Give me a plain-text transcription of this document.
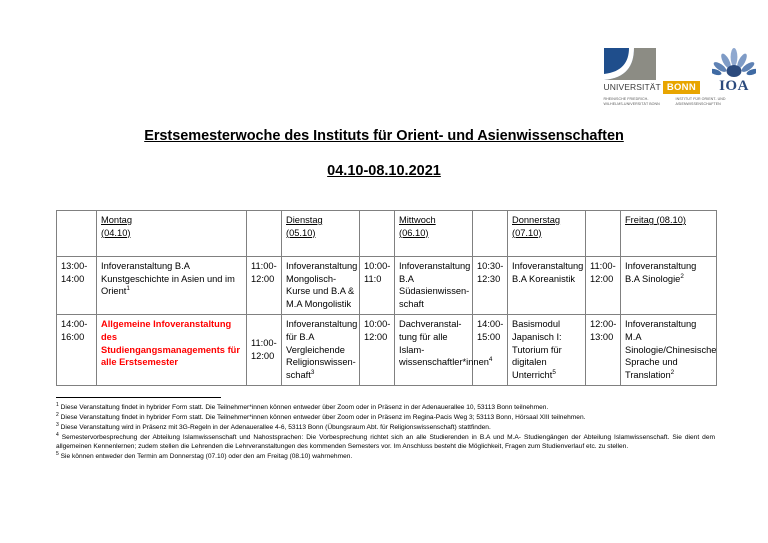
UNIVERSITÄT BONN IOA
RHEINISCHE FRIEDRICH-WILHELMS-UNIVERSITÄT BONN
INSTITUT FÜR ORIENT- UND ASIENWISSENSCHAFTEN
Erstsemesterwoche des Instituts für Orient- und Asienwissenschaften
04.10-08.10.2021

	Montag
(04.10)		Dienstag
(05.10)		Mittwoch
(06.10)		Donnerstag
(07.10)		Freitag (08.10)

13:00-
14:00	Infoveranstaltung B.A Kunstgeschichte in Asien und im Orient$^1$	11:00-
12:00	Infoveranstaltung Mongolisch-Kurse und B.A & M.A Mongolistik	10:00-
11:0	Infoveranstaltung B.A Südasienwissen-schaft	10:30-
12:30	Infoveranstaltung B.A Koreanistik	11:00-
12:00	Infoveranstaltung B.A Sinologie$^2$
14:00-
16:00	Allgemeine Infoveranstaltung des Studiengangsmanagements für alle Erstsemester	11:00-
12:00	Infoveranstaltung für B.A Vergleichende Religionswissen-schaft$^3$	10:00-
12:00	Dachveranstal-tung für alle Islam-wissenschaftler*innen$^4$	14:00-
15:00	Basismodul Japanisch I: Tutorium für digitalen Unterricht$^5$	12:00-
13:00	Infoveranstaltung M.A Sinologie/Chinesische Sprache und Translation$^2$
$^1$ Diese Veranstaltung findet in hybrider Form statt. Die Teilnehmer*innen können entweder über Zoom oder in Präsenz in der Adenauerallee 10, 53113 Bonn teilnehmen.
$^2$ Diese Veranstaltung findet in hybrider Form statt. Die Teilnehmer*innen können entweder über Zoom oder in Präsenz im Regina-Pacis Weg 3; 53113 Bonn, Hörsaal XIII teilnehmen.
$^3$ Diese Veranstaltung wird in Präsenz mit 3G-Regeln in der Adenauerallee 4-6, 53113 Bonn (Übungsraum Abt. für Religionswissenschaft) stattfinden.
$^4$ Semestervorbesprechung der Abteilung Islamwissenschaft und Nahostsprachen: Die Vorbesprechung richtet sich an alle Studierenden in B.A und M.A- Studiengängen der Abteilung Islamwissenschaft. Sie dient dem allgemeinen Kennenlernen; zudem stellen die Lehrenden die Lehrveranstaltungen des kommenden Semesters vor. Im Anschluss besteht die Möglichkeit, Fragen zum Studienverlauf etc. zu stellen.
$^5$ Sie können entweder den Termin am Donnerstag (07.10) oder den am Freitag (08.10) wahrnehmen.
